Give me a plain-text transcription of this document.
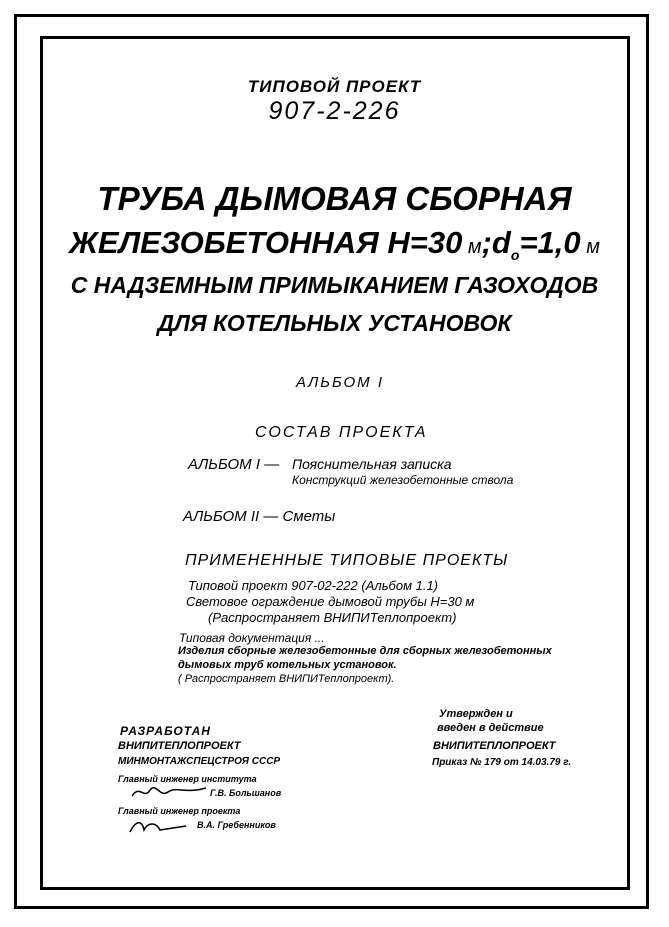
ТИПОВОЙ ПРОЕКТ
907-2-226
ТРУБА ДЫМОВАЯ СБОРНАЯ
ЖЕЛЕЗОБЕТОННАЯ Н=30 $м;d_o=1,0$ м
С НАДЗЕМНЫМ ПРИМЫКАНИЕМ ГАЗОХОДОВ
ДЛЯ КОТЕЛЬНЫХ УСТАНОВОК
АЛЬБОМ I
СОСТАВ ПРОЕКТА
АЛЬБОМ I — Пояснительная записка
Конструкций железобетонные ствола
АЛЬБОМ II — Сметы
ПРИМЕНЕННЫЕ ТИПОВЫЕ ПРОЕКТЫ
Типовой проект 907-02-222 (Альбом 1.1)
Световое ограждение дымовой трубы Н=30 м
(Распространяет ВНИПИТеплопроект)
Типовая документация ...
Изделия сборные железобетонные для сборных железобетонных
дымовых труб котельных установок.
( Распространяет ВНИПИТеплопроект).
РАЗРАБОТАН
ВНИПИТЕПЛОПРОЕКТ
МИНМОНТАЖСПЕЦСТРОЯ СССР
Главный инженер института
Г.В. Большанов
Главный инженер проекта
В.А. Гребенников
Утвержден и
введен в действие
ВНИПИТЕПЛОПРОЕКТ
Приказ № 179 от 14.03.79 г.
